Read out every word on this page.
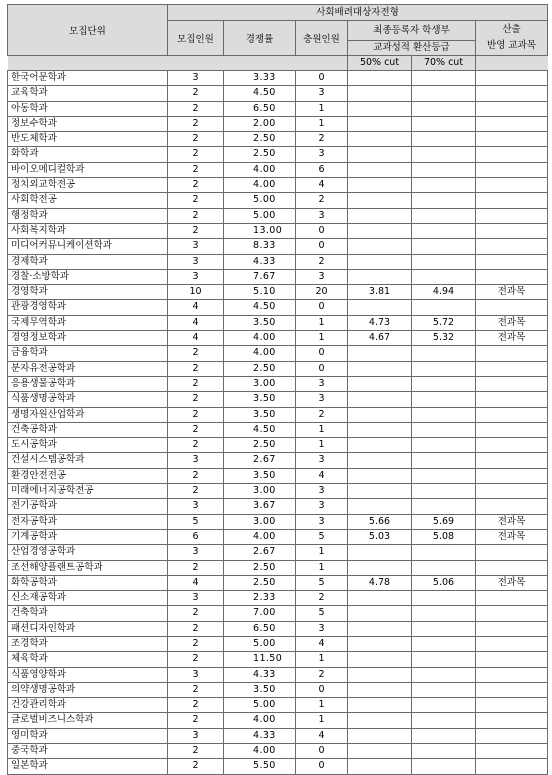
모집단위	사회배려대상자전형					
	모집인원	경쟁률	충원인원	최종등록자 학생부		산출
반영 교과목

				교과성적 환산등급		
				50% cut	70% cut	
한국어문학과	3	3.33	0			
교육학과	2	4.50	3			
아동학과	2	6.50	1			
정보수학과	2	2.00	1			
반도체학과	2	2.50	2			
화학과	2	2.50	3			
바이오메디컬학과	2	4.00	6			
정치외교학전공	2	4.00	4			
사회학전공	2	5.00	2			
행정학과	2	5.00	3			
사회복지학과	2	13.00	0			
미디어커뮤니케이션학과	3	8.33	0			
경제학과	3	4.33	2			
경찰·소방학과	3	7.67	3			
경영학과	10	5.10	20	3.81	4.94	전과목
관광경영학과	4	4.50	0			
국제무역학과	4	3.50	1	4.73	5.72	전과목
경영정보학과	4	4.00	1	4.67	5.32	전과목
금융학과	2	4.00	0			
분자유전공학과	2	2.50	0			
응용생물공학과	2	3.00	3			
식품생명공학과	2	3.50	3			
생명자원산업학과	2	3.50	2			
건축공학과	2	4.50	1			
도시공학과	2	2.50	1			
건설시스템공학과	3	2.67	3			
환경안전전공	2	3.50	4			
미래에너지공학전공	2	3.00	3			
전기공학과	3	3.67	3			
전자공학과	5	3.00	3	5.66	5.69	전과목
기계공학과	6	4.00	5	5.03	5.08	전과목
산업경영공학과	3	2.67	1			
조선해양플랜트공학과	2	2.50	1			
화학공학과	4	2.50	5	4.78	5.06	전과목
신소재공학과	3	2.33	2			
건축학과	2	7.00	5			
패션디자인학과	2	6.50	3			
조경학과	2	5.00	4			
체육학과	2	11.50	1			
식품영양학과	3	4.33	2			
의약생명공학과	2	3.50	0			
건강관리학과	2	5.00	1			
글로벌비즈니스학과	2	4.00	1			
영미학과	3	4.33	4			
중국학과	2	4.00	0			
일본학과	2	5.50	0			
